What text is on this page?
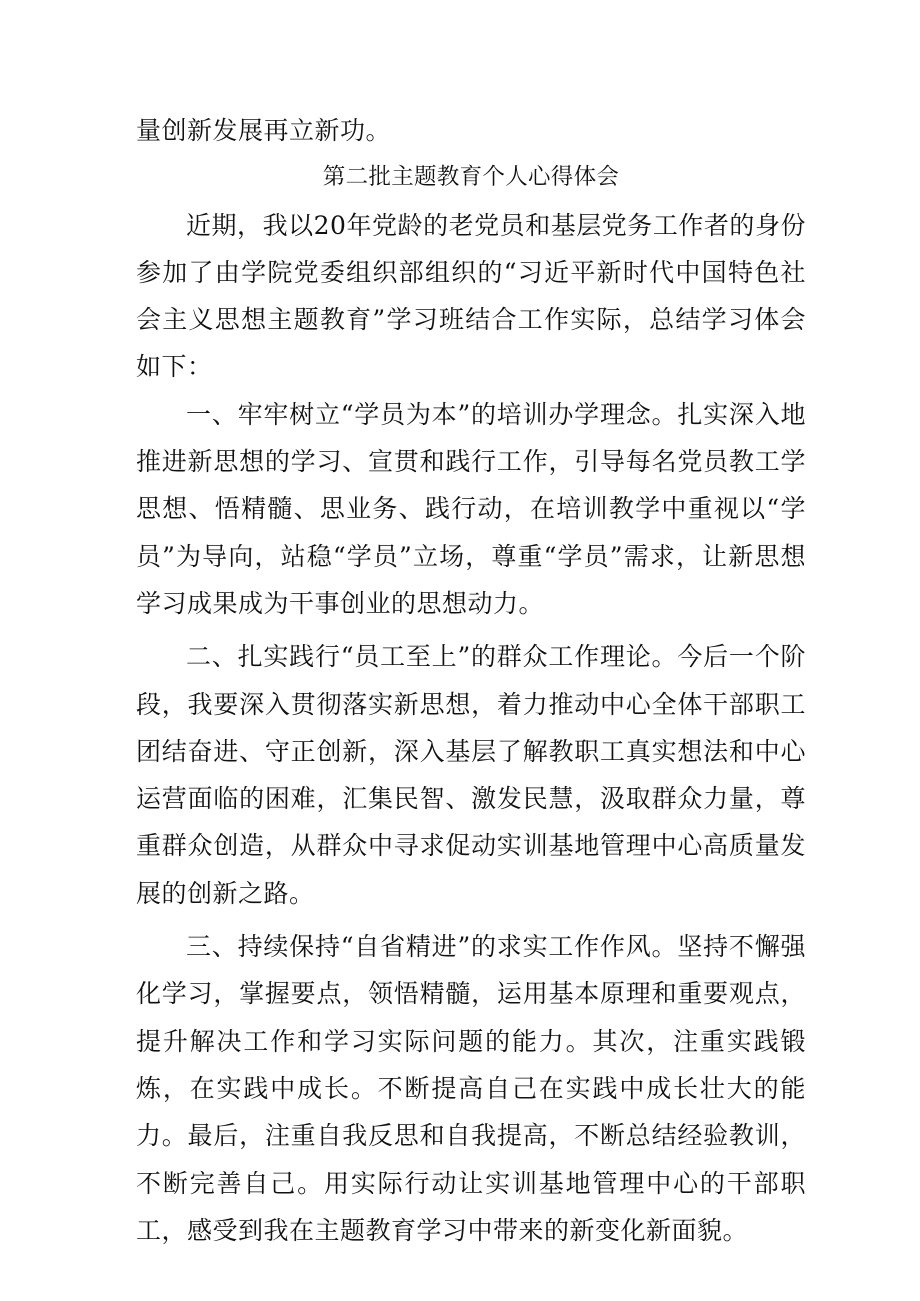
量创新发展再立新功。

第二批主题教育个人心得体会

近期，我以20年党龄的老党员和基层党务工作者的身份参加了由学院党委组织部组织的“习近平新时代中国特色社会主义思想主题教育”学习班结合工作实际，总结学习体会如下：

一、牢牢树立“学员为本”的培训办学理念。扎实深入地推进新思想的学习、宣贯和践行工作，引导每名党员教工学思想、悟精髓、思业务、践行动，在培训教学中重视以“学员”为导向，站稳“学员”立场，尊重“学员”需求，让新思想学习成果成为干事创业的思想动力。

二、扎实践行“员工至上”的群众工作理论。今后一个阶段，我要深入贯彻落实新思想，着力推动中心全体干部职工团结奋进、守正创新，深入基层了解教职工真实想法和中心运营面临的困难，汇集民智、激发民慧，汲取群众力量，尊重群众创造，从群众中寻求促动实训基地管理中心高质量发展的创新之路。

三、持续保持“自省精进”的求实工作作风。坚持不懈强化学习，掌握要点，领悟精髓，运用基本原理和重要观点，提升解决工作和学习实际问题的能力。其次，注重实践锻炼，在实践中成长。不断提高自己在实践中成长壮大的能力。最后，注重自我反思和自我提高，不断总结经验教训，不断完善自己。用实际行动让实训基地管理中心的干部职工，感受到我在主题教育学习中带来的新变化新面貌。
